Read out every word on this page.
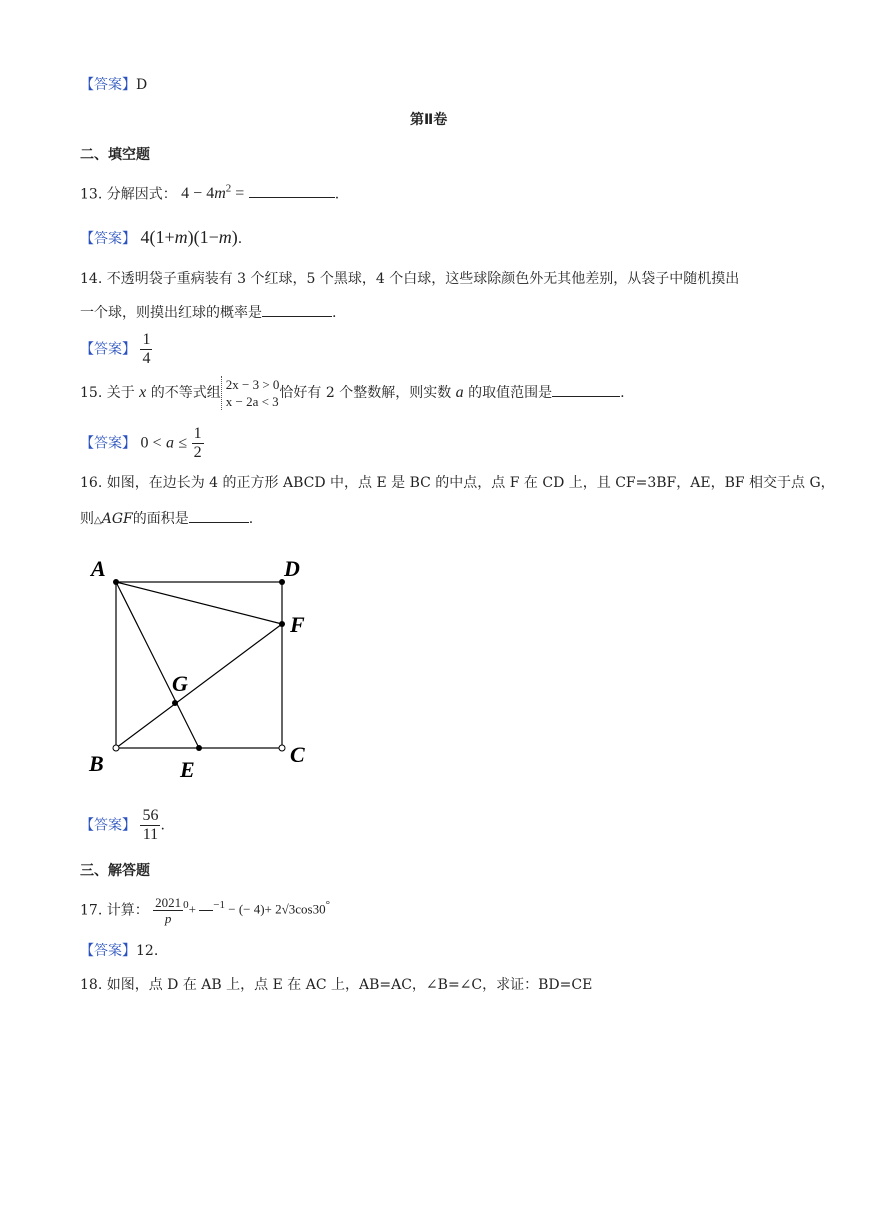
【答案】D
第Ⅱ卷
二、填空题
13. 分解因式： $4 - 4m^2$ =	.
【答案】 4(1+m)(1−m).
14. 不透明袋子重病装有 3 个红球，5 个黑球，4 个白球，这些球除颜色外无其他差别，从袋子中随机摸出
一个球，则摸出红球的概率是	.
【答案】 $\frac{1}{4}$
15. 关于 x 的不等式组
2x − 3 > 0
x − 2a < 3
恰好有 2 个整数解，则实数 a 的取值范围是	.
【答案】 $0 < a \le \frac{1}{2}$
16. 如图，在边长为 4 的正方形 ABCD 中，点 E 是 BC 的中点，点 F 在 CD 上，且 CF=3BF，AE，BF 相交于点 G，
则△AGF的面积是	.
A	D
F
G
B	C
E
【答案】 $\frac{56}{11}$ .
三、解答题
17. 计算： $\frac{2021}{p} ^0+$
$^{-1}$ − (− 4)+ 2√3cos30°
【答案】12.
18. 如图，点 D 在 AB 上，点 E 在 AC 上，AB=AC，∠B=∠C，求证：BD=CE
